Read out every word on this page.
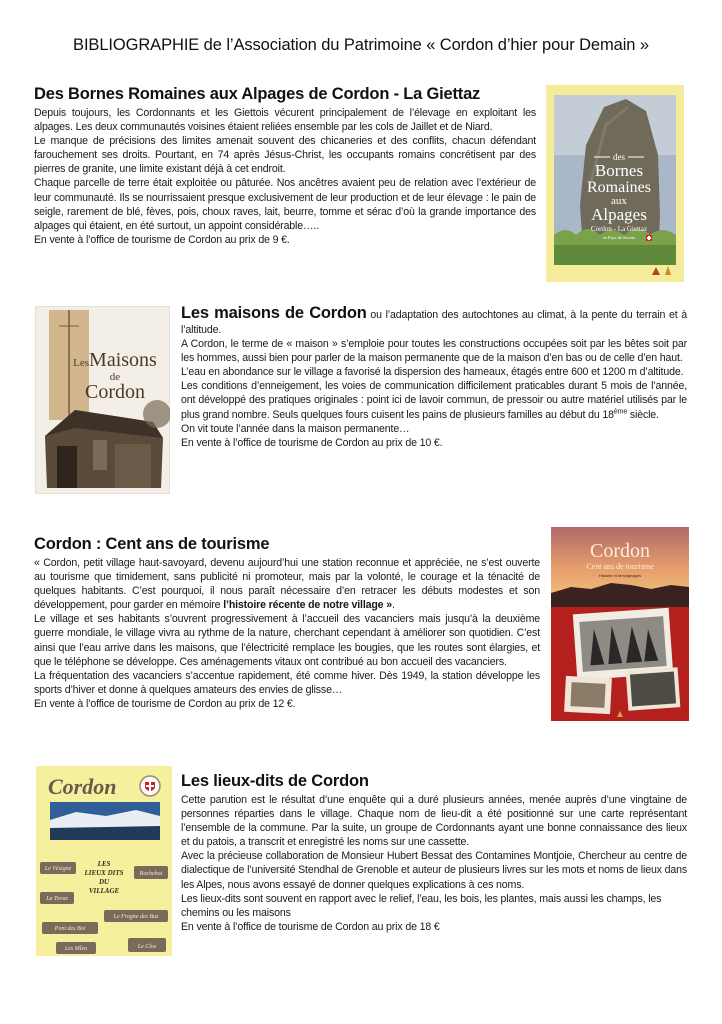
BIBLIOGRAPHIE de l’Association du Patrimoine « Cordon d’hier pour Demain »
Des Bornes Romaines aux Alpages de Cordon - La Giettaz

Depuis toujours, les Cordonnants et les Giettois vécurent principalement de l’élevage en exploitant les alpages. Les deux communautés voisines étaient reliées ensemble par les cols de Jaillet et de Niard.

Le manque de précisions des limites amenait souvent des chicaneries et des conflits, chacun défendant farouchement ses droits. Pourtant, en 74 après Jésus-Christ, les occupants romains concrétisent par des pierres de granite, une limite existant déjà à cet endroit.

Chaque parcelle de terre était exploitée ou pâturée. Nos ancêtres avaient peu de relation avec l’extérieur de leur communauté. Ils se nourrissaient presque exclusivement de leur production et de leur élevage : le pain de seigle, rarement de blé, fèves, pois, choux raves, lait, beurre, tomme et sérac d’où la grande importance des alpages qui étaient, en été surtout, un appoint considérable…..

En vente à l’office de tourisme de Cordon au prix de 9 €.

des
Bornes
Romaines
aux
Alpages
Cordon - La Giettaz
en Pays de Savoie
LesMaisons
de
Cordon

Les maisons de Cordon ou l’adaptation des autochtones au climat, à la pente du terrain et à l’altitude.

A Cordon, le terme de « maison » s’emploie pour toutes les constructions occupées soit par les bêtes soit par les hommes, aussi bien pour parler de la maison permanente que de la maison d’en bas ou de celle d’en haut.

L’eau en abondance sur le village a favorisé la dispersion des hameaux, étagés entre 600 et 1200 m d’altitude.

Les conditions d’enneigement, les voies de communication difficilement praticables durant 5 mois de l’année, ont développé des pratiques originales : point ici de lavoir commun, de pressoir ou autre matériel utilisés par le plus grand nombre. Seuls quelques fours cuisent les pains de plusieurs familles au début du 18ème siècle.

On vit toute l’année dans la maison permanente…

En vente à l’office de tourisme de Cordon au prix de 10 €.

Cordon : Cent ans de tourisme

« Cordon, petit village haut-savoyard, devenu aujourd’hui une station reconnue et appréciée, ne s’est ouverte au tourisme que timidement, sans publicité ni promoteur, mais par la volonté, le courage et la ténacité de quelques habitants. C’est pourquoi, il nous paraît nécessaire d’en retracer les débuts modestes et son développement, pour garder en mémoire l’histoire récente de notre village ».

Le village et ses habitants s’ouvrent progressivement à l’accueil des vacanciers mais jusqu’à la deuxième guerre mondiale, le village vivra au rythme de la nature, cherchant cependant à améliorer son quotidien. C’est ainsi que l’eau arrive dans les maisons, que l’électricité remplace les bougies, que les routes sont élargies, et que le téléphone se développe. Ces aménagements vitaux ont contribué au bon accueil des vacanciers.

La fréquentation des vacanciers s’accentue rapidement, été comme hiver. Dès 1949, la station développe les sports d’hiver et donne à quelques amateurs des envies de glisse…

En vente à l’office de tourisme de Cordon au prix de 12 €.

Cordon
Cent ans de tourisme
Histoire et témoignages
Cordon
LES
LIEUX DITS
DU
VILLAGE
Le Vésigne
Rochebot
La Tovaz
Le Frogne des Bus
Pont des Bot
Les Mlea	Le Clos
Les lieux-dits de Cordon

Cette parution est le résultat d’une enquête qui a duré plusieurs années, menée auprès d’une vingtaine de personnes réparties dans le village. Chaque nom de lieu-dit a été positionné sur une carte représentant l’ensemble de la commune. Par la suite, un groupe de Cordonnants ayant une bonne connaissance des lieux et du patois, a transcrit et enregistré les noms sur une cassette.

Avec la précieuse collaboration de Monsieur Hubert Bessat des Contamines Montjoie, Chercheur au centre de dialectique de l’université Stendhal de Grenoble et auteur de plusieurs livres sur les mots et noms de lieux dans les Alpes, nous avons essayé de donner quelques explications à ces noms.

Les lieux-dits sont souvent en rapport avec le relief, l’eau, les bois, les plantes, mais aussi les champs, les chemins ou les maisons

En vente à l’office de tourisme de Cordon au prix de 18 €
